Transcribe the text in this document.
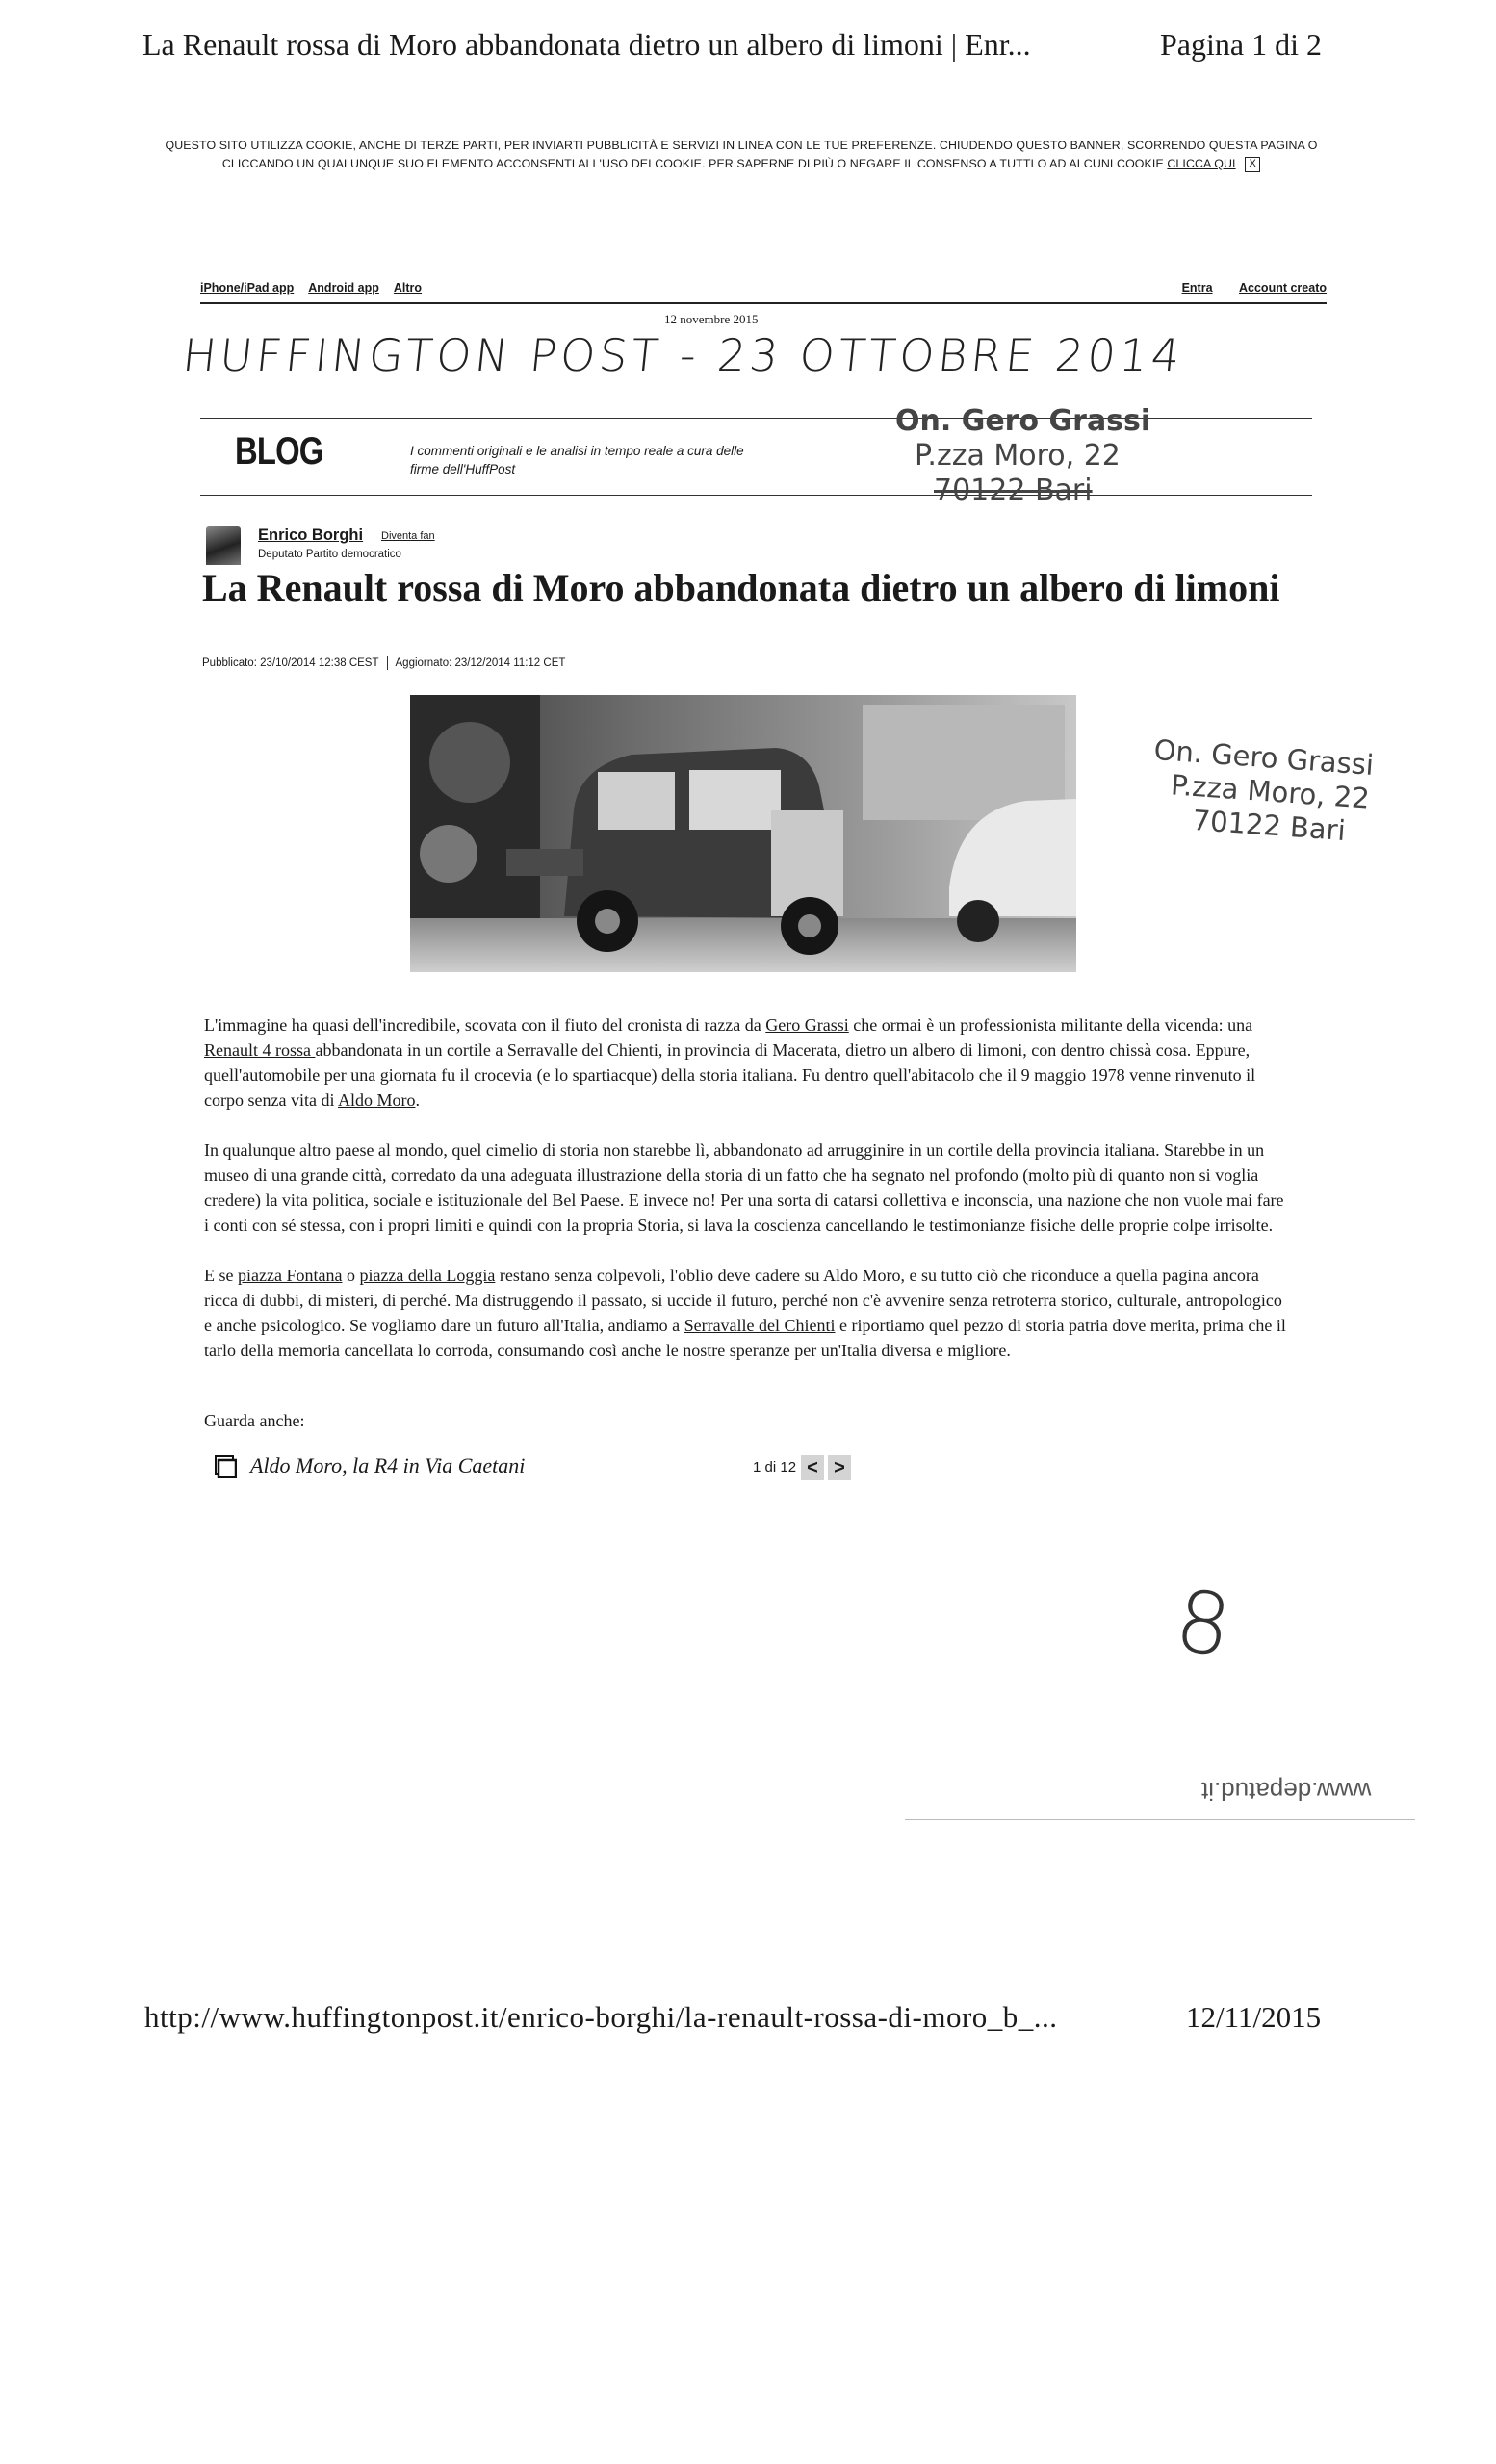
La Renault rossa di Moro abbandonata dietro un albero di limoni | Enr...	Pagina 1 di 2
QUESTO SITO UTILIZZA COOKIE, ANCHE DI TERZE PARTI, PER INVIARTI PUBBLICITÀ E SERVIZI IN LINEA CON LE TUE PREFERENZE. CHIUDENDO QUESTO BANNER, SCORRENDO QUESTA PAGINA O CLICCANDO UN QUALUNQUE SUO ELEMENTO ACCONSENTI ALL'USO DEI COOKIE. PER SAPERNE DI PIÙ O NEGARE IL CONSENSO A TUTTI O AD ALCUNI COOKIE CLICCA QUI X
iPhone/iPad app Android app Altro	Entra Account creato
12 novembre 2015
HUFFINGTON POST - 23 OTTOBRE 2014
BLOG	I commenti originali e le analisi in tempo reale a cura delle firme dell'HuffPost
On. Gero Grassi
P.zza Moro, 22
70122 Bari
Enrico Borghi Diventa fan
Deputato Partito democratico
La Renault rossa di Moro abbandonata dietro un albero di limoni
Pubblicato: 23/10/2014 12:38 CEST Aggiornato: 23/12/2014 11:12 CET
On. Gero Grassi
P.zza Moro, 22
70122 Bari

L'immagine ha quasi dell'incredibile, scovata con il fiuto del cronista di razza da Gero Grassi che ormai è un professionista militante della vicenda: una Renault 4 rossa abbandonata in un cortile a Serravalle del Chienti, in provincia di Macerata, dietro un albero di limoni, con dentro chissà cosa. Eppure, quell'automobile per una giornata fu il crocevia (e lo spartiacque) della storia italiana. Fu dentro quell'abitacolo che il 9 maggio 1978 venne rinvenuto il corpo senza vita di Aldo Moro.

In qualunque altro paese al mondo, quel cimelio di storia non starebbe lì, abbandonato ad arrugginire in un cortile della provincia italiana. Starebbe in un museo di una grande città, corredato da una adeguata illustrazione della storia di un fatto che ha segnato nel profondo (molto più di quanto non si voglia credere) la vita politica, sociale e istituzionale del Bel Paese. E invece no! Per una sorta di catarsi collettiva e inconscia, una nazione che non vuole mai fare i conti con sé stessa, con i propri limiti e quindi con la propria Storia, si lava la coscienza cancellando le testimonianze fisiche delle proprie colpe irrisolte.

E se piazza Fontana o piazza della Loggia restano senza colpevoli, l'oblio deve cadere su Aldo Moro, e su tutto ciò che riconduce a quella pagina ancora ricca di dubbi, di misteri, di perché. Ma distruggendo il passato, si uccide il futuro, perché non c'è avvenire senza retroterra storico, culturale, antropologico e anche psicologico. Se vogliamo dare un futuro all'Italia, andiamo a Serravalle del Chienti e riportiamo quel pezzo di storia patria dove merita, prima che il tarlo della memoria cancellata lo corroda, consumando così anche le nostre speranze per un'Italia diversa e migliore.

Guarda anche:
Aldo Moro, la R4 in Via Caetani	1 di 12 < >
8
www.depatud.it
http://www.huffingtonpost.it/enrico-borghi/la-renault-rossa-di-moro_b_...	12/11/2015
